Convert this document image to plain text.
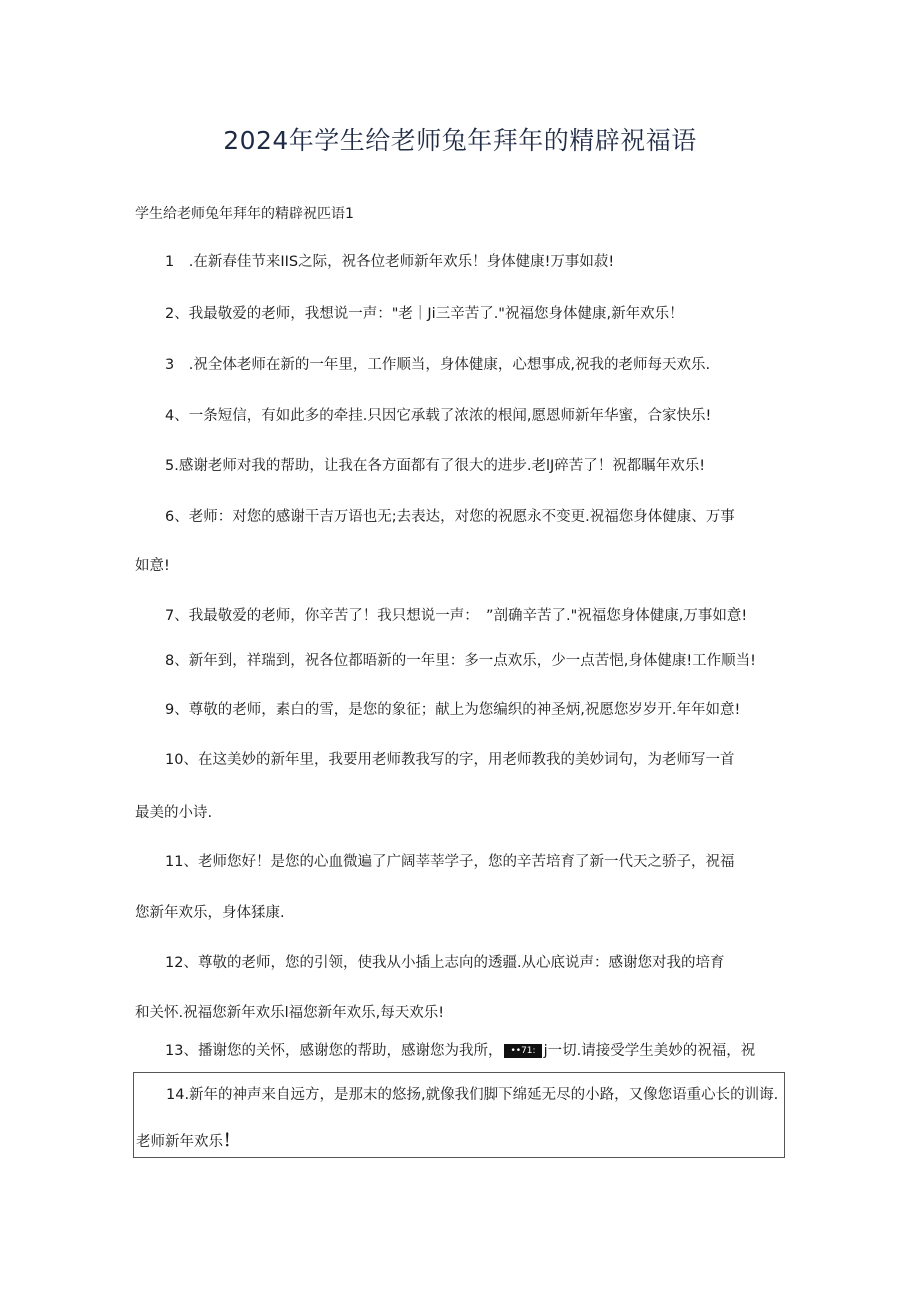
2024年学生给老师兔年拜年的精辟祝福语

学生给老师兔年拜年的精辟祝匹语1

1　.在新春佳节来IIS之际，祝各位老师新年欢乐！身体健康!万事如菽!

2、我最敬爱的老师，我想说一声："老｜Ji三辛苦了."祝福您身体健康,新年欢乐！

3　.祝全体老师在新的一年里，工作顺当，身体健康，心想事成,祝我的老师每天欢乐.

4、一条短信，有如此多的牵挂.只因它承载了浓浓的根闻,愿恩师新年华蜜，合家快乐!

5.感谢老师对我的帮助，让我在各方面都有了很大的进步.老lJ碎苦了！祝都瞩年欢乐!

6、老师：对您的感谢干吉万语也无;去表达，对您的祝愿永不变更.祝福您身体健康、万事

如意!

7、我最敬爱的老师，你辛苦了！我只想说一声：　”剖确辛苦了."祝福您身体健康,万事如意!

8、新年到，祥瑞到，祝各位都晤新的一年里：多一点欢乐，少一点苦悒,身体健康!工作顺当!

9、尊敬的老师，素白的雪，是您的象征；献上为您编织的神圣炳,祝愿您岁岁开.年年如意!

10、在这美妙的新年里，我要用老师教我写的字，用老师教我的美妙词句，为老师写一首

最美的小诗.

11、老师您好！是您的心血微遍了广阔莘莘学子，您的辛苦培育了新一代天之骄子，祝福

您新年欢乐，身体猱康.

12、尊敬的老师，您的引领，使我从小插上志向的透疆.从心底说声：感谢您对我的培育

和关怀.祝福您新年欢乐l福您新年欢乐,每天欢乐!

13、播谢您的关怀，感谢您的帮助，感谢您为我所， ••71: j一切.请接受学生美妙的祝福，祝

14.新年的神声来自远方，是那末的悠扬,就像我们脚下绵延无尽的小路，又像您语重心长的训诲.

老师新年欢乐！
